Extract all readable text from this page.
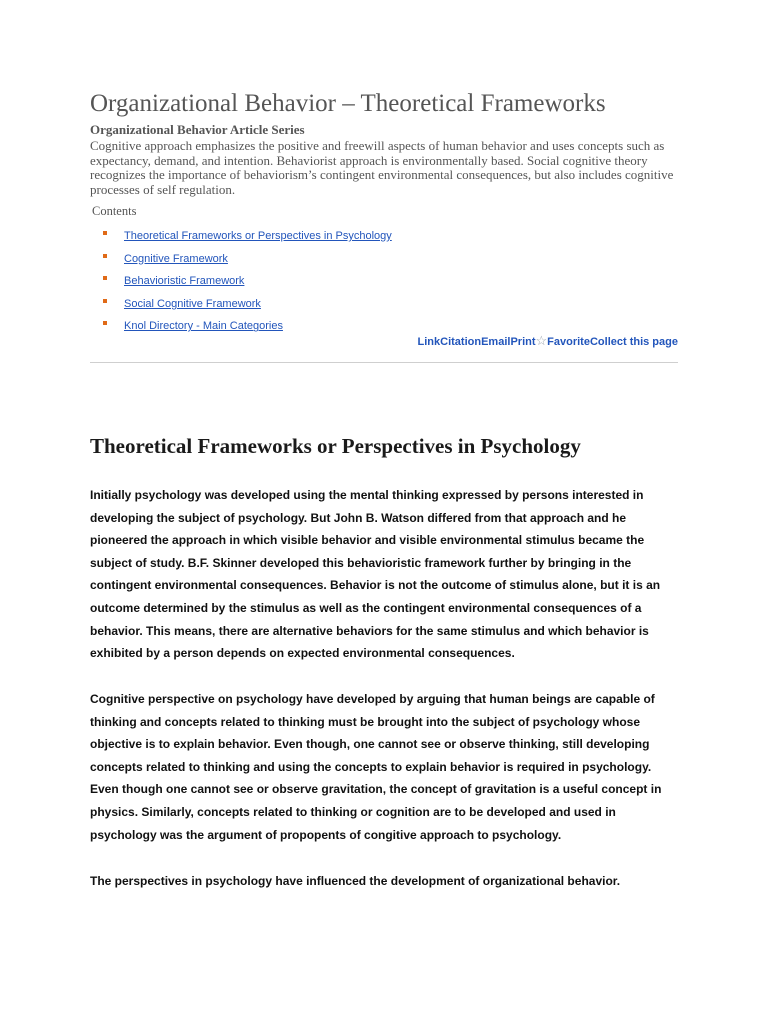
Organizational Behavior – Theoretical Frameworks
Organizational Behavior Article Series

Cognitive approach emphasizes the positive and freewill aspects of human behavior and uses concepts such as expectancy, demand, and intention. Behaviorist approach is environmentally based. Social cognitive theory recognizes the importance of behaviorism’s contingent environmental consequences, but also includes cognitive processes of self regulation.

Contents
Theoretical Frameworks or Perspectives in Psychology
Cognitive Framework
Behavioristic Framework
Social Cognitive Framework
Knol Directory - Main Categories
LinkCitationEmailPrint☆FavoriteCollect this page
Theoretical Frameworks or Perspectives in Psychology

Initially psychology was developed using the mental thinking expressed by persons interested in developing the subject of psychology. But John B. Watson differed from that approach and he pioneered the approach in which visible behavior and visible environmental stimulus became the subject of study. B.F. Skinner developed this behavioristic framework further by bringing in the contingent environmental consequences. Behavior is not the outcome of stimulus alone, but it is an outcome determined by the stimulus as well as the contingent environmental consequences of a behavior. This means, there are alternative behaviors for the same stimulus and which behavior is exhibited by a person depends on expected environmental consequences.

Cognitive perspective on psychology have developed by arguing that human beings are capable of thinking and concepts related to thinking must be brought into the subject of psychology whose objective is to explain behavior. Even though, one cannot see or observe thinking, still developing concepts related to thinking and using the concepts to explain behavior is required in psychology. Even though one cannot see or observe gravitation, the concept of gravitation is a useful concept in physics. Similarly, concepts related to thinking or cognition are to be developed and used in psychology was the argument of propopents of congitive approach to psychology.

The perspectives in psychology have influenced the development of organizational behavior.
